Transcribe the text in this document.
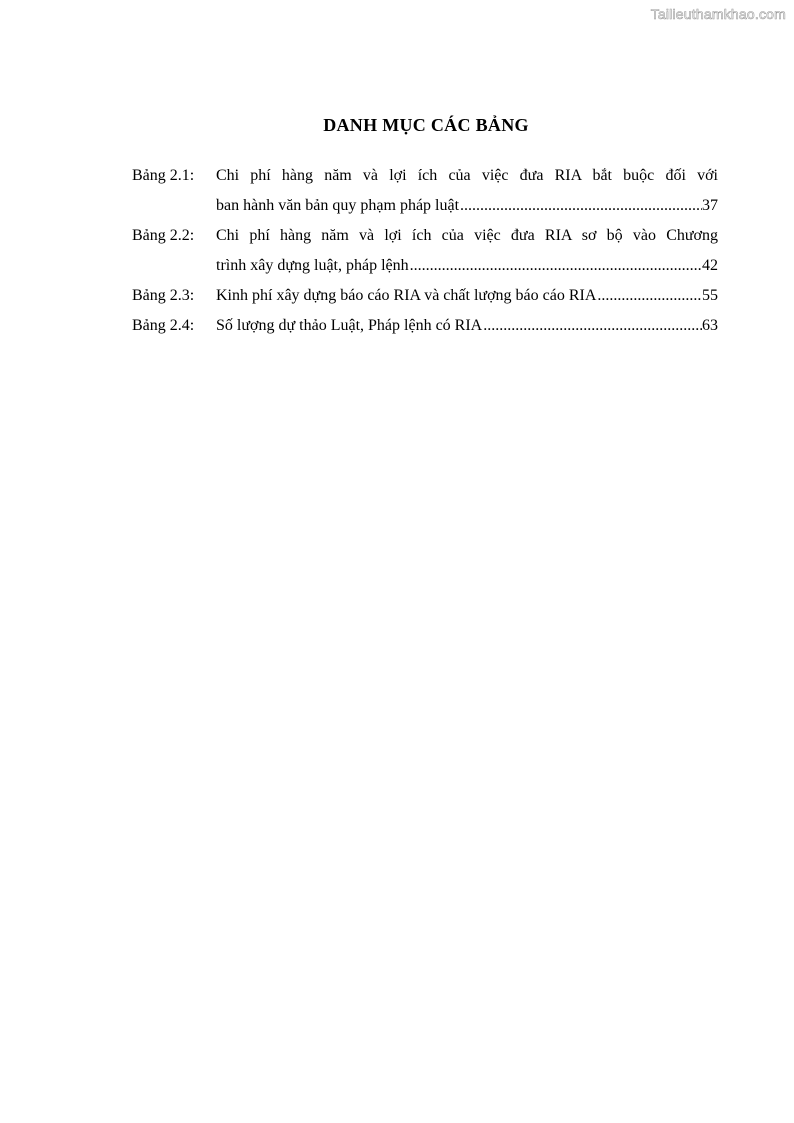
Tailieuthamkhao.com
DANH MỤC CÁC BẢNG
Bảng 2.1:	Chi phí hàng năm và lợi ích của việc đưa RIA bắt buộc đối với
ban hành văn bản quy phạm pháp luật .....	37
Bảng 2.2:	Chi phí hàng năm và lợi ích của việc đưa RIA sơ bộ vào Chương
trình xây dựng luật, pháp lệnh .....	42
Bảng 2.3:	Kinh phí xây dựng báo cáo RIA và chất lượng báo cáo RIA .....	55
Bảng 2.4:	Số lượng dự thảo Luật, Pháp lệnh có RIA .....	63
